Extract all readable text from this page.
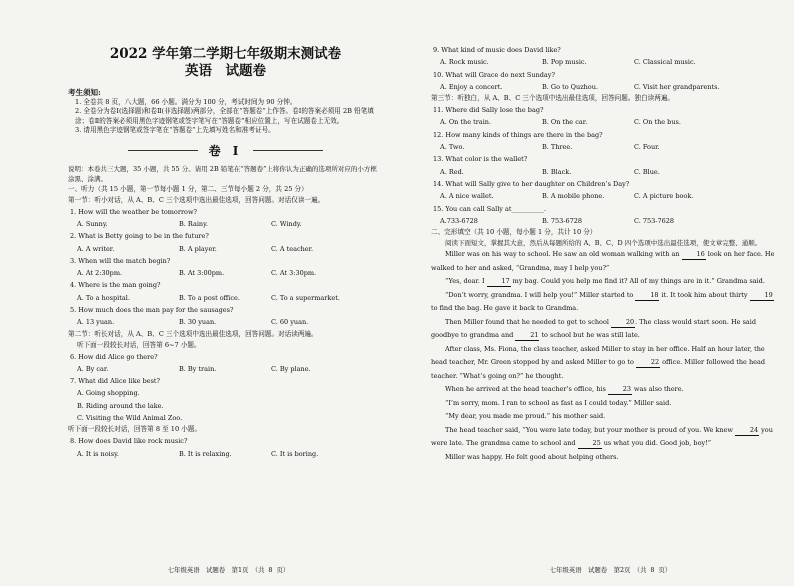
2022 学年第二学期七年级期末测试卷

英语　试题卷

考生须知:

1. 全卷共 8 页，八大题，66 小题。满分为 100 分，考试时间为 90 分钟。

2. 全卷分为卷Ⅰ(选择题)和卷Ⅱ(非选择题)两部分，全部在“答题卷”上作答。卷Ⅰ的答案必须用 2B 铅笔填涂；卷Ⅱ的答案必须用黑色字迹钢笔或签字笔写在“答题卷”相应位置上，写在试题卷上无效。

3. 请用黑色字迹钢笔或签字笔在“答题卷”上先填写姓名和准考证号。

卷 I

说明：本卷共三大题，35 小题，共 55 分。请用 2B 铅笔在“答题卷”上将你认为正确的选项所对应的小方框涂黑、涂满。

一、听力（共 15 小题，第一节每小题 1 分，第二、三节每小题 2 分，共 25 分）

第一节：听小对话，从 A、B、C 三个选项中选出最佳选项，回答问题。对话仅读一遍。

1. How will the weather be tomorrow?

A. Sunny.	B. Rainy.	C. Windy.

2. What is Betty going to be in the future?

A. A writer.	B. A player.	C. A teacher.

3. When will the match begin?

A. At 2:30pm.	B. At 3:00pm.	C. At 3:30pm.

4. Where is the man going?

A. To a hospital.	B. To a post office.	C. To a supermarket.

5. How much does the man pay for the sausages?

A. 13 yuan.	B. 30 yuan.	C. 60 yuan.

第二节：听长对话，从 A、B、C 三个选项中选出最佳选项，回答问题。对话读两遍。

听下面一段较长对话，回答第 6~7 小题。

6. How did Alice go there?

A. By car.	B. By train.	C. By plane.

7. What did Alice like best?

A. Going shopping.

B. Riding around the lake.

C. Visiting the Wild Animal Zoo.

听下面一段较长对话，回答第 8 至 10 小题。

8. How does David like rock music?

A. It is noisy.	B. It is relaxing.	C. It is boring.
七年级英语　试题卷　第1页　（共 8 页）

9. What kind of music does David like?

A. Rock music.	B. Pop music.	C. Classical music.

10. What will Grace do next Sunday?

A. Enjoy a concert.	B. Go to Quzhou.	C. Visit her grandparents.

第三节：听独白，从 A、B、C 三个选项中选出最佳选项，回答问题。独白读两遍。

11. Where did Sally lose the bag?

A. On the train.	B. On the car.	C. On the bus.

12. How many kinds of things are there in the bag?

A. Two.	B. Three.	C. Four.

13. What color is the wallet?

A. Red.	B. Black.	C. Blue.

14. What will Sally give to her daughter on Children’s Day?

A. A nice wallet.	B. A mobile phone.	C. A picture book.

15. You can call Sally at__________.

A.733-6728	B. 753-6728	C. 753-7628

二、完形填空（共 10 小题，每小题 1 分，共计 10 分）

阅读下面短文，掌握其大意，然后从每题所给的 A、B、C、D 四个选项中选出最佳选项，使文章完整、通顺。

Miller was on his way to school. He saw an old woman walking with an 16 look on her face. He walked to her and asked, “Grandma, may I help you?”

“Yes, dear. I 17 my bag. Could you help me find it? All of my things are in it.” Grandma said.

“Don’t worry, grandma. I will help you!” Miller started to 18 it. It took him about thirty 19 to find the bag. He gave it back to Grandma.

Then Miller found that he needed to get to school 20. The class would start soon. He said goodbye to grandma and 21 to school but he was still late.

After class, Ms. Fiona, the class teacher, asked Miller to stay in her office. Half an hour later, the head teacher, Mr. Green stopped by and asked Miller to go to 22 office. Miller followed the head teacher. “What’s going on?” he thought.

When he arrived at the head teacher’s office, his 23 was also there.

“I’m sorry, mom. I ran to school as fast as I could today.” Miller said.

“My dear, you made me proud.” his mother said.

The head teacher said, “You were late today, but your mother is proud of you. We knew 24 you were late. The grandma came to school and 25 us what you did. Good job, boy!”

Miller was happy. He felt good about helping others.

七年级英语　试题卷　第2页　（共 8 页）
